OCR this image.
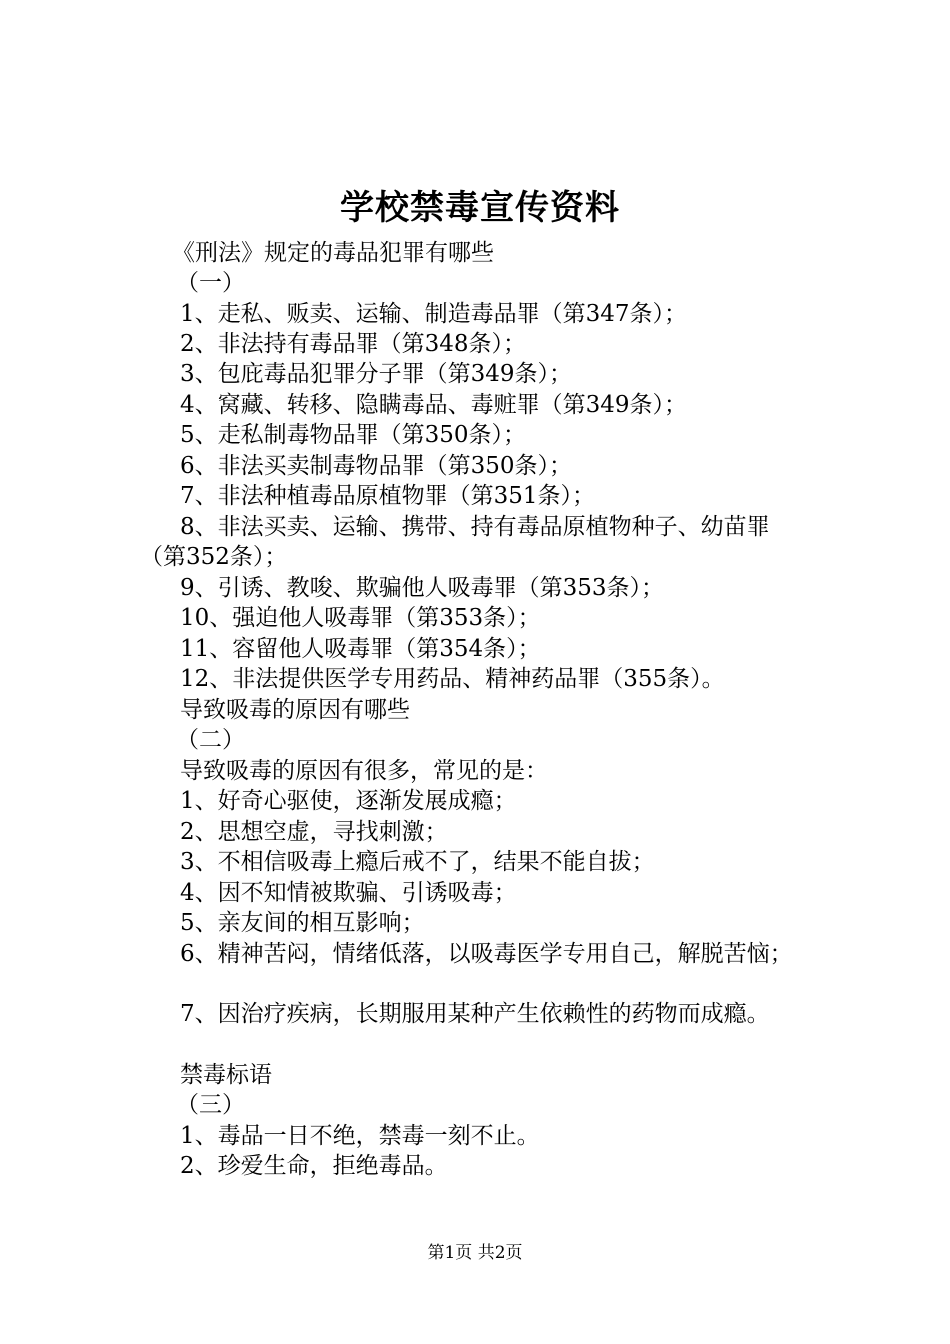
学校禁毒宣传资料
《刑法》规定的毒品犯罪有哪些
（一）
1、走私、贩卖、运输、制造毒品罪（第347条）；
2、非法持有毒品罪（第348条）；
3、包庇毒品犯罪分子罪（第349条）；
4、窝藏、转移、隐瞒毒品、毒赃罪（第349条）；
5、走私制毒物品罪（第350条）；
6、非法买卖制毒物品罪（第350条）；
7、非法种植毒品原植物罪（第351条）；
8、非法买卖、运输、携带、持有毒品原植物种子、幼苗罪
（第352条）；
9、引诱、教唆、欺骗他人吸毒罪（第353条）；
10、强迫他人吸毒罪（第353条）；
11、容留他人吸毒罪（第354条）；
12、非法提供医学专用药品、精神药品罪（355条）。
导致吸毒的原因有哪些
（二）
导致吸毒的原因有很多，常见的是：
1、好奇心驱使，逐渐发展成瘾；
2、思想空虚，寻找刺激；
3、不相信吸毒上瘾后戒不了，结果不能自拔；
4、因不知情被欺骗、引诱吸毒；
5、亲友间的相互影响；
6、精神苦闷，情绪低落，以吸毒医学专用自己，解脱苦恼；
7、因治疗疾病，长期服用某种产生依赖性的药物而成瘾。
禁毒标语
（三）
1、毒品一日不绝，禁毒一刻不止。
2、珍爱生命，拒绝毒品。
第1页 共2页
